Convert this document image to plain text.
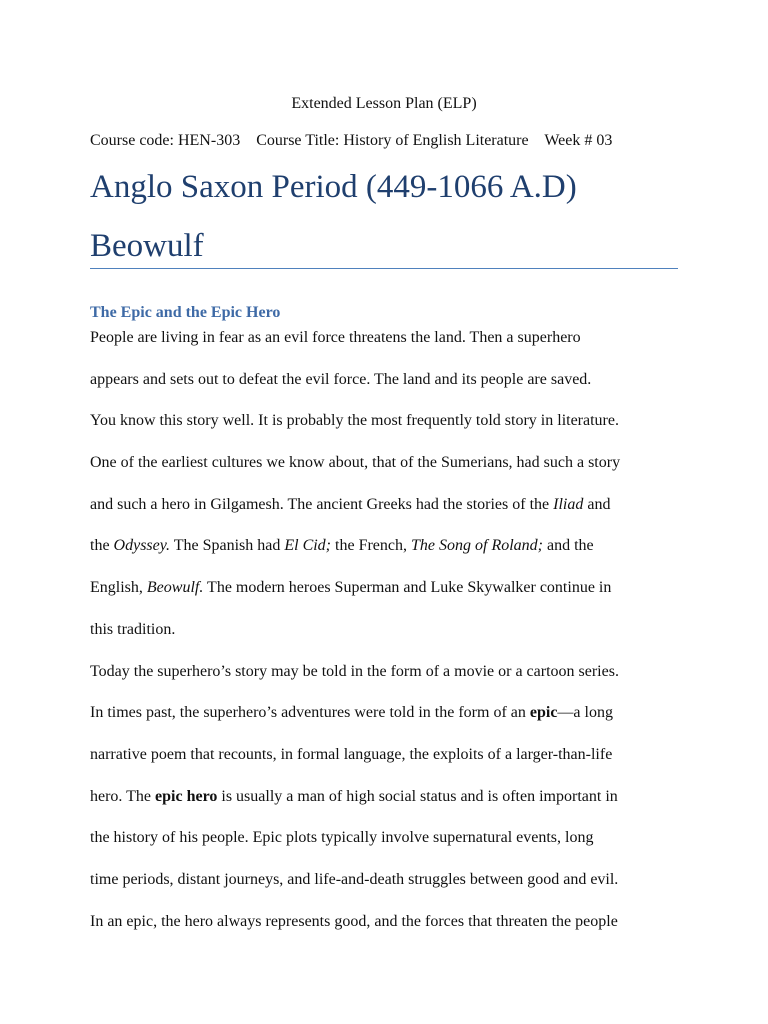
Extended Lesson Plan (ELP)
Course code: HEN-303 Course Title: History of English Literature Week # 03
Anglo Saxon Period (449-1066 A.D)
Beowulf
The Epic and the Epic Hero
People are living in fear as an evil force threatens the land. Then a superhero
appears and sets out to defeat the evil force. The land and its people are saved.
You know this story well. It is probably the most frequently told story in literature.
One of the earliest cultures we know about, that of the Sumerians, had such a story
and such a hero in Gilgamesh. The ancient Greeks had the stories of the Iliad and
the Odyssey. The Spanish had El Cid; the French, The Song of Roland; and the
English, Beowulf. The modern heroes Superman and Luke Skywalker continue in
this tradition.
Today the superhero’s story may be told in the form of a movie or a cartoon series.
In times past, the superhero’s adventures were told in the form of an epic—a long
narrative poem that recounts, in formal language, the exploits of a larger-than-life
hero. The epic hero is usually a man of high social status and is often important in
the history of his people. Epic plots typically involve supernatural events, long
time periods, distant journeys, and life-and-death struggles between good and evil.
In an epic, the hero always represents good, and the forces that threaten the people
